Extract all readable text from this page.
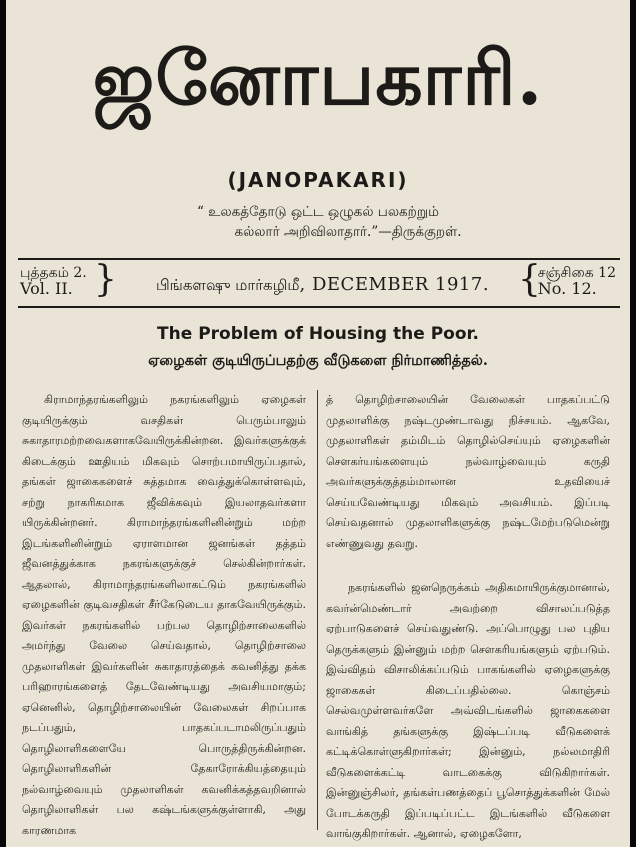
ஜனோபகாரி.
(JANOPAKARI)
“ உலகத்தோடு ஒட்ட ஒழுகல் பலகற்றும்
கல்லார் அறிவிலாதார்.”—திருக்குறள்.
புத்தகம் 2.
Vol. II. }	பிங்களஷு மார்கழிமீ, DECEMBER 1917. {
சஞ்சிகை 12
No. 12.
The Problem of Housing the Poor.
ஏழைகள் குடியிருப்பதற்கு வீடுகளை நிர்மாணித்தல்.

கிராமாந்தரங்களிலும் நகரங்களிலும் ஏழைகள் குடியிருக்கும் வசதிகள் பெரும்பாலும் சுகாதாரமற்றவைகளாகவேயிருக்கின்றன. இவர்களுக்குக் கிடைக்கும் ஊதியம் மிகவும் சொற்பமாயிருப்பதால், தங்கள் ஜாகைகளைச் சுத்தமாக வைத்துக்கொள்ளவும், சற்று நாகரிகமாக ஜீவிக்கவும் இயலாதவர்களா யிருக்கின்றனர். கிராமாந்தரங்களினின்றும் மற்ற இடங்களினின்றும் ஏராளமான ஜனங்கள் தத்தம் ஜீவனத்துக்காக நகரங்களுக்குச் செல்கின்றார்கள். ஆதலால், கிராமாந்தரங்களிலாகட்டும் நகரங்களில் ஏழைகளின் குடிவசதிகள் சீர்கேடுடைய தாகவேயிருக்கும். இவர்கள் நகரங்களில் பற்பல தொழிற்சாலைகளில் அமர்ந்து வேலை செய்வதால், தொழிற்சாலை முதலாளிகள் இவர்களின் சுகாதாரத்தைக் கவனித்து தக்க பரிஹாரங்களைத் தேடவேண்டியது அவசியமாகும்; ஏனெனில், தொழிற்சாலையின் வேலைகள் சிறப்பாக நடப்பதும், பாதகப்படாமலிருப்பதும் தொழிலாளிகளையே பொருத்திருக்கின்றன. தொழிலாளிகளின் தேகாரோக்கியத்தையும் நல்வாழ்வையும் முதலாளிகள் கவனிக்கத்தவறினால் தொழிலாளிகள் பல கஷ்டங்களுக்குள்ளாகி, அது காரணமாக

த் தொழிற்சாலையின் வேலைகள் பாதகப்பட்டு முதலாளிக்கு நஷ்டமுண்டாவது நிச்சயம். ஆகவே, முதலாளிகள் தம்மிடம் தொழில்செய்யும் ஏழைகளின் சௌகர்யங்களையும் நல்வாழ்வையும் கருதி அவர்களுக்குத்தம்மாலான உதவியைச் செய்யவேண்டியது மிகவும் அவசியம். இப்படி செய்வதனால் முதலாளிகளுக்கு நஷ்டமேற்படுமென்று எண்ணுவது தவறு.

நகரங்களில் ஜனநெருக்கம் அதிகமாயிருக்குமானால், கவர்ன்மெண்டார் அவற்றை விசாலப்படுத்த ஏற்பாடுகளைச் செய்வதுண்டு. அப்பொழுது பல புதிய தெருக்களும் இன்னும் மற்ற சௌகரியங்களும் ஏற்படும். இவ்விதம் விசாலிக்கப்படும் பாகங்களில் ஏழைகளுக்கு ஜாகைகள் கிடைப்பதில்லை. கொஞ்சம் செல்வமுள்ளவர்களே அவ்விடங்களில் ஜாகைகளை வாங்கித் தங்களுக்கு இஷ்டப்படி வீடுகளைக் கட்டிக்கொள்ளுகிறார்கள்; இன்னும், நல்லமாதிரி வீடுகளைக்கட்டி வாடகைக்கு விடுகிறார்கள். இன்னுஞ்சிலர், தங்கள்பணத்தைப் பூசொத்துக்களின் மேல் போடக்கருதி இப்படிப்பட்ட இடங்களில் வீடுகளை வாங்குகிறார்கள். ஆனால், ஏழைகளோ,
